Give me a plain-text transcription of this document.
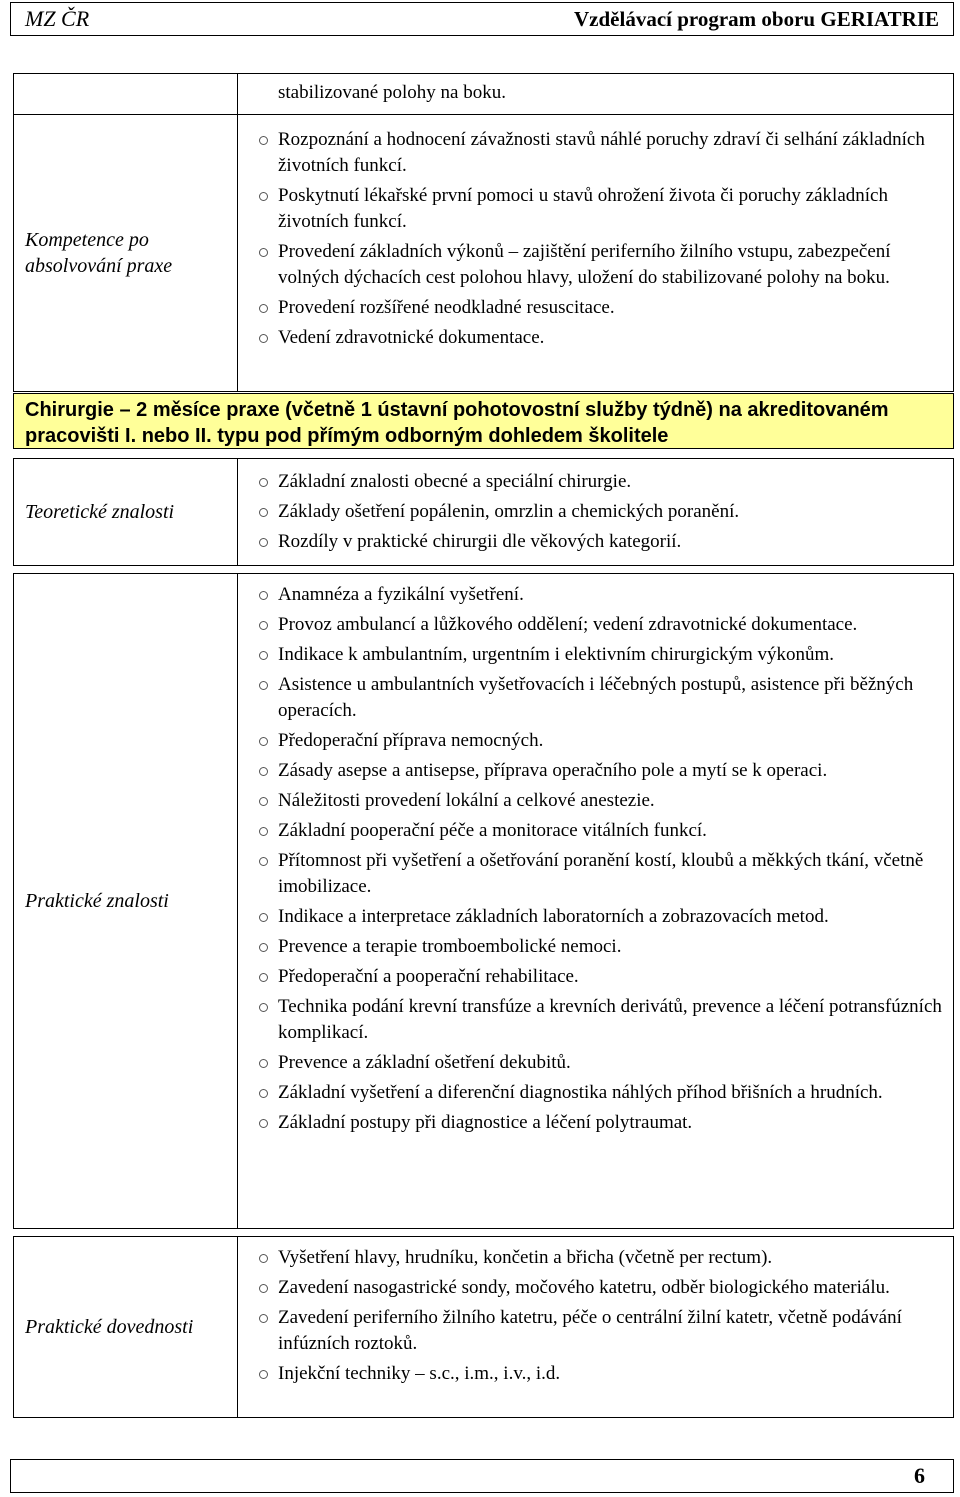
MZ ČR	Vzdělávací program oboru GERIATRIE
stabilizované polohy na boku.
Kompetence po absolvování praxe
Rozpoznání a hodnocení závažnosti stavů náhlé poruchy zdraví či selhání základních životních funkcí.
Poskytnutí lékařské první pomoci u stavů ohrožení života či poruchy základních životních funkcí.
Provedení základních výkonů – zajištění periferního žilního vstupu, zabezpečení volných dýchacích cest polohou hlavy, uložení do stabilizované polohy na boku.
Provedení rozšířené neodkladné resuscitace.
Vedení zdravotnické dokumentace.
Chirurgie – 2 měsíce praxe (včetně 1 ústavní pohotovostní služby týdně) na akreditovaném pracovišti I. nebo II. typu pod přímým odborným dohledem školitele
Teoretické znalosti
Základní znalosti obecné a speciální chirurgie.
Základy ošetření popálenin, omrzlin a chemických poranění.
Rozdíly v praktické chirurgii dle věkových kategorií.
Praktické znalosti
Anamnéza a fyzikální vyšetření.
Provoz ambulancí a lůžkového oddělení; vedení zdravotnické dokumentace.
Indikace k ambulantním, urgentním i elektivním chirurgickým výkonům.
Asistence u ambulantních vyšetřovacích i léčebných postupů, asistence při běžných operacích.
Předoperační příprava nemocných.
Zásady asepse a antisepse, příprava operačního pole a mytí se k operaci.
Náležitosti provedení lokální a celkové anestezie.
Základní pooperační péče a monitorace vitálních funkcí.
Přítomnost při vyšetření a ošetřování poranění kostí, kloubů a měkkých tkání, včetně imobilizace.
Indikace a interpretace základních laboratorních a zobrazovacích metod.
Prevence a terapie tromboembolické nemoci.
Předoperační a pooperační rehabilitace.
Technika podání krevní transfúze a krevních derivátů, prevence a léčení potransfúzních komplikací.
Prevence a základní ošetření dekubitů.
Základní vyšetření a diferenční diagnostika náhlých příhod břišních a hrudních.
Základní postupy při diagnostice a léčení polytraumat.
Praktické dovednosti
Vyšetření hlavy, hrudníku, končetin a břicha (včetně per rectum).
Zavedení nasogastrické sondy, močového katetru, odběr biologického materiálu.
Zavedení periferního žilního katetru, péče o centrální žilní katetr, včetně podávání infúzních roztoků.
Injekční techniky – s.c., i.m., i.v., i.d.
6
